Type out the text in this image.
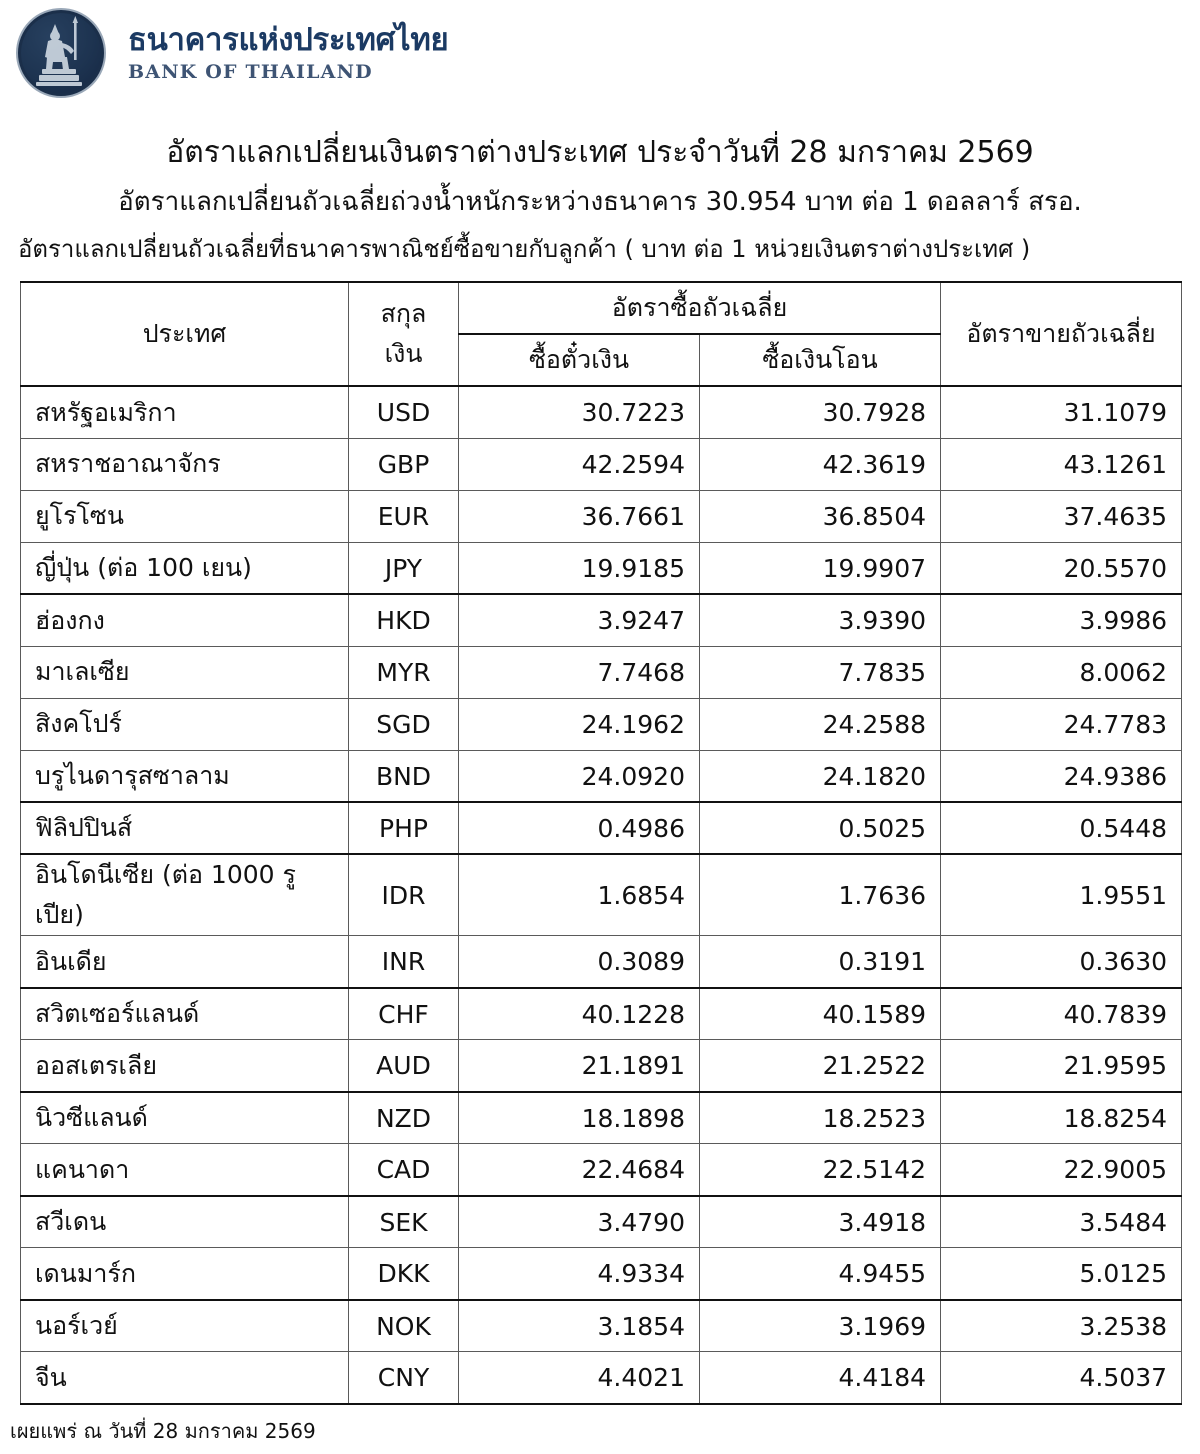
ธนาคารแห่งประเทศไทย
BANK OF THAILAND
อัตราแลกเปลี่ยนเงินตราต่างประเทศ ประจำวันที่ 28 มกราคม 2569
อัตราแลกเปลี่ยนถัวเฉลี่ยถ่วงน้ำหนักระหว่างธนาคาร 30.954 บาท ต่อ 1 ดอลลาร์ สรอ.
อัตราแลกเปลี่ยนถัวเฉลี่ยที่ธนาคารพาณิชย์ซื้อขายกับลูกค้า ( บาท ต่อ 1 หน่วยเงินตราต่างประเทศ )
ประเทศ	สกุลเงิน	อัตราซื้อถัวเฉลี่ย		อัตราขายถัวเฉลี่ย
		ซื้อตั๋วเงิน	ซื้อเงินโอน	
สหรัฐอเมริกา	USD	30.7223	30.7928	31.1079
สหราชอาณาจักร	GBP	42.2594	42.3619	43.1261
ยูโรโซน	EUR	36.7661	36.8504	37.4635
ญี่ปุ่น (ต่อ 100 เยน)	JPY	19.9185	19.9907	20.5570
ฮ่องกง	HKD	3.9247	3.9390	3.9986
มาเลเซีย	MYR	7.7468	7.7835	8.0062
สิงคโปร์	SGD	24.1962	24.2588	24.7783
บรูไนดารุสซาลาม	BND	24.0920	24.1820	24.9386
ฟิลิปปินส์	PHP	0.4986	0.5025	0.5448
อินโดนีเซีย (ต่อ 1000 รูเปีย)	IDR	1.6854	1.7636	1.9551
อินเดีย	INR	0.3089	0.3191	0.3630
สวิตเซอร์แลนด์	CHF	40.1228	40.1589	40.7839
ออสเตรเลีย	AUD	21.1891	21.2522	21.9595
นิวซีแลนด์	NZD	18.1898	18.2523	18.8254
แคนาดา	CAD	22.4684	22.5142	22.9005
สวีเดน	SEK	3.4790	3.4918	3.5484
เดนมาร์ก	DKK	4.9334	4.9455	5.0125
นอร์เวย์	NOK	3.1854	3.1969	3.2538
จีน	CNY	4.4021	4.4184	4.5037
เผยแพร่ ณ วันที่ 28 มกราคม 2569
